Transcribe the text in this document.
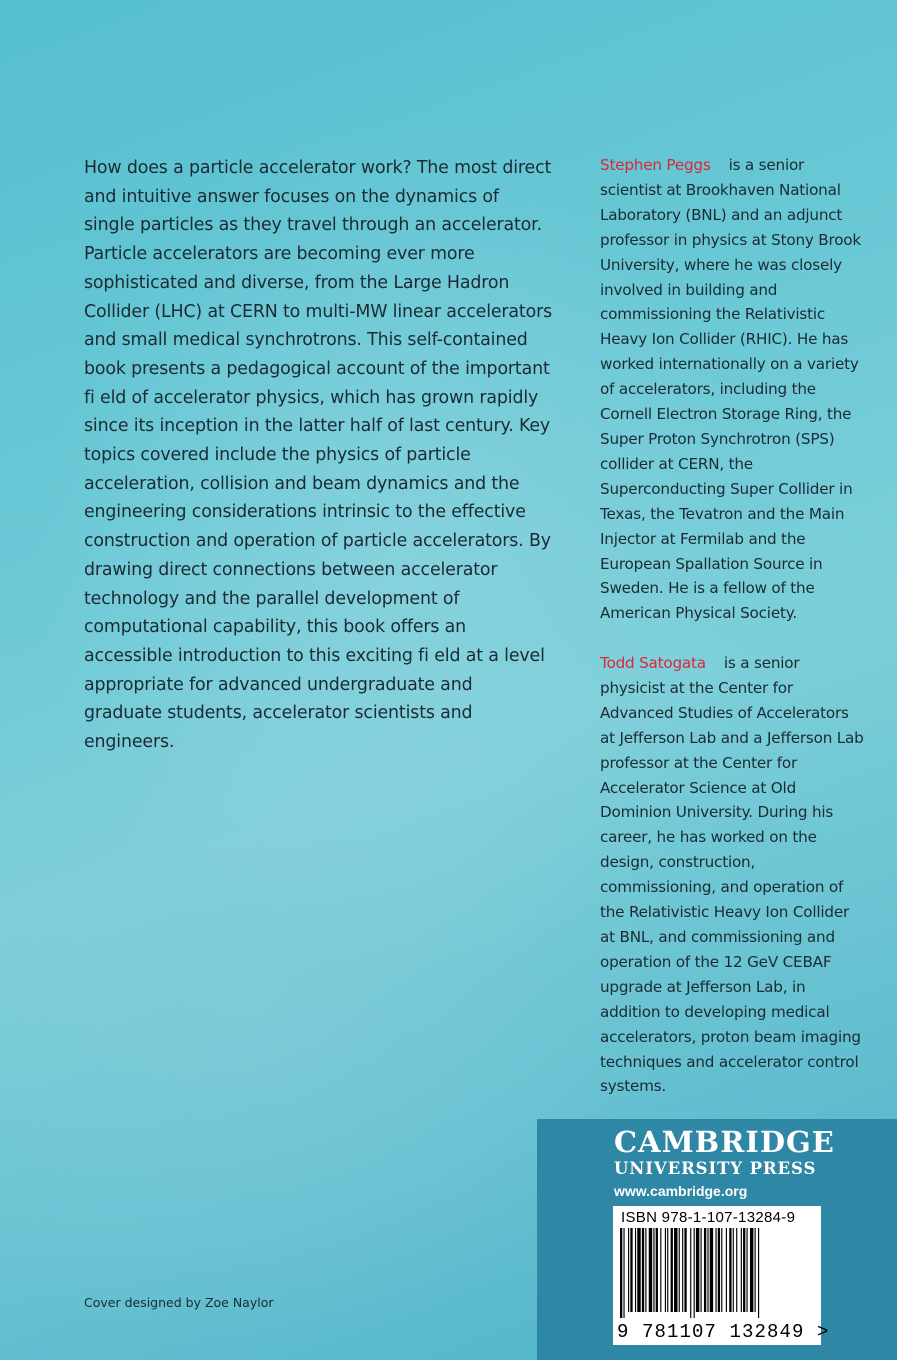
How does a particle accelerator work? The most direct and intuitive answer focuses on the dynamics of single particles as they travel through an accelerator. Particle accelerators are becoming ever more sophisticated and diverse, from the Large Hadron Collider (LHC) at CERN to multi-MW linear accelerators and small medical synchrotrons. This self-contained book presents a pedagogical account of the important fi eld of accelerator physics, which has grown rapidly since its inception in the latter half of last century. Key topics covered include the physics of particle acceleration, collision and beam dynamics and the engineering considerations intrinsic to the effective construction and operation of particle accelerators. By drawing direct connections between accelerator technology and the parallel development of computational capability, this book offers an accessible introduction to this exciting fi eld at a level appropriate for advanced undergraduate and graduate students, accelerator scientists and engineers.

Stephen Peggs is a senior scientist at Brookhaven National Laboratory (BNL) and an adjunct professor in physics at Stony Brook University, where he was closely involved in building and commissioning the Relativistic Heavy Ion Collider (RHIC). He has worked internationally on a variety of accelerators, including the Cornell Electron Storage Ring, the Super Proton Synchrotron (SPS) collider at CERN, the Superconducting Super Collider in Texas, the Tevatron and the Main Injector at Fermilab and the European Spallation Source in Sweden. He is a fellow of the American Physical Society.

Todd Satogata is a senior physicist at the Center for Advanced Studies of Accelerators at Jefferson Lab and a Jefferson Lab professor at the Center for Accelerator Science at Old Dominion University. During his career, he has worked on the design, construction, commissioning, and operation of the Relativistic Heavy Ion Collider at BNL, and commissioning and operation of the 12 GeV CEBAF upgrade at Jefferson Lab, in addition to developing medical accelerators, proton beam imaging techniques and accelerator control systems.

Cover designed by Zoe Naylor
CAMBRIDGE
UNIVERSITY PRESS
www.cambridge.org
ISBN 978-1-107-13284-9
9 781107 132849 >
